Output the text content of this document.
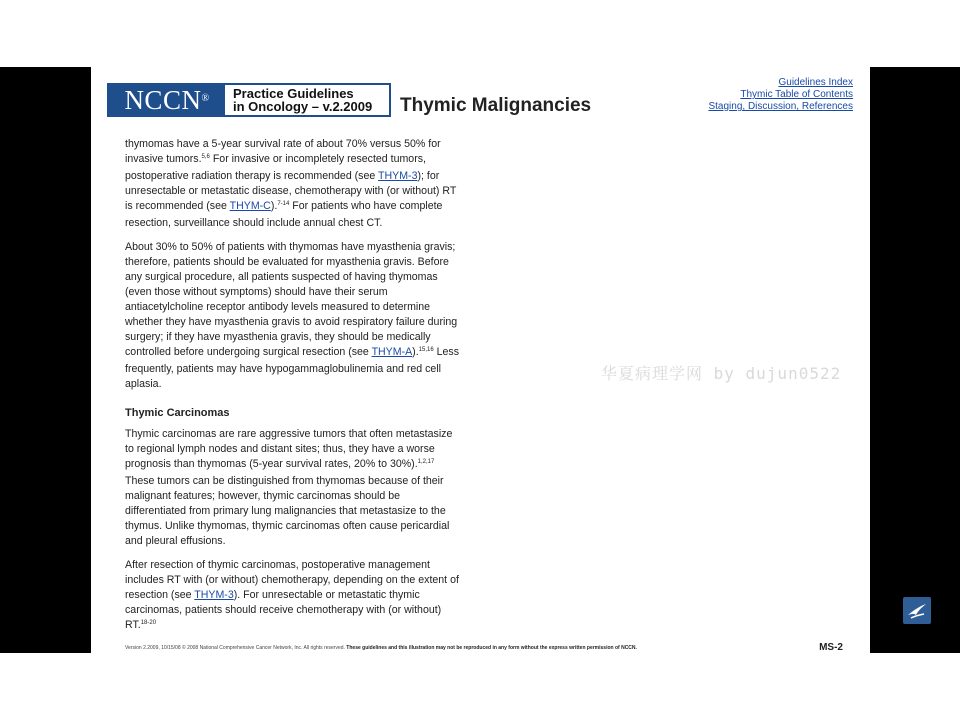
NCCN®	Practice Guidelines
in Oncology – v.2.2009 Thymic Malignancies
Guidelines Index
Thymic Table of Contents
Staging, Discussion, References

thymomas have a 5-year survival rate of about 70% versus 50% for
invasive tumors.$^{5,6}$ For invasive or incompletely resected tumors,
postoperative radiation therapy is recommended (see THYM-3); for
unresectable or metastatic disease, chemotherapy with (or without) RT
is recommended (see THYM-C).$^{7-14}$ For patients who have complete
resection, surveillance should include annual chest CT.

About 30% to 50% of patients with thymomas have myasthenia gravis;
therefore, patients should be evaluated for myasthenia gravis. Before
any surgical procedure, all patients suspected of having thymomas
(even those without symptoms) should have their serum
antiacetylcholine receptor antibody levels measured to determine
whether they have myasthenia gravis to avoid respiratory failure during
surgery; if they have myasthenia gravis, they should be medically
controlled before undergoing surgical resection (see THYM-A).$^{15,16}$ Less
frequently, patients may have hypogammaglobulinemia and red cell
aplasia.

Thymic Carcinomas

Thymic carcinomas are rare aggressive tumors that often metastasize
to regional lymph nodes and distant sites; thus, they have a worse
prognosis than thymomas (5-year survival rates, 20% to 30%).$^{1,2,17}$
These tumors can be distinguished from thymomas because of their
malignant features; however, thymic carcinomas should be
differentiated from primary lung malignancies that metastasize to the
thymus. Unlike thymomas, thymic carcinomas often cause pericardial
and pleural effusions.

After resection of thymic carcinomas, postoperative management
includes RT with (or without) chemotherapy, depending on the extent of
resection (see THYM-3). For unresectable or metastatic thymic
carcinomas, patients should receive chemotherapy with (or without)
RT.$^{18-20}$

Version 2.2009, 10/15/08 © 2008 National Comprehensive Cancer Network, Inc. All rights reserved. These guidelines and this illustration may not be reproduced in any form without the express written permission of NCCN.	MS-2
华夏病理学网 by dujun0522
